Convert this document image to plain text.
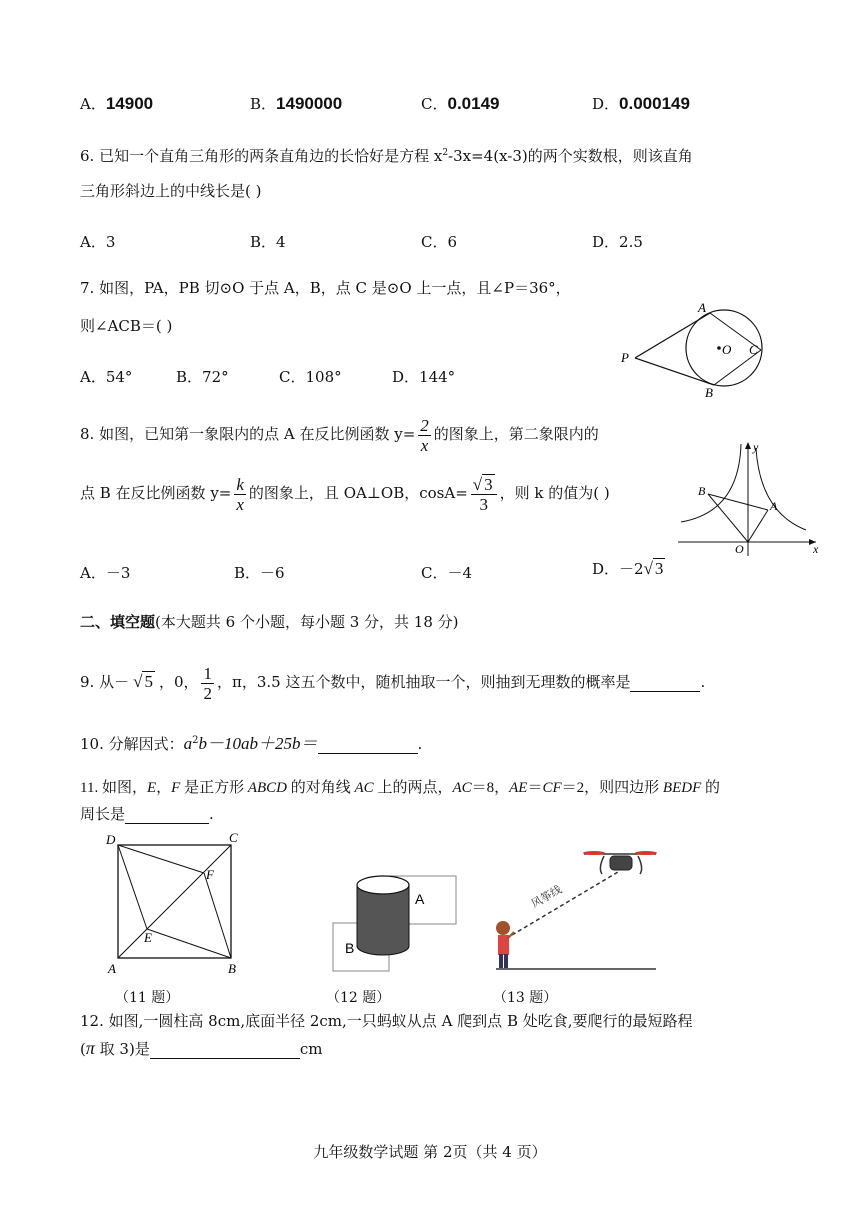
A．14900	B．1490000	C．0.0149	D．0.000149
6. 已知一个直角三角形的两条直角边的长恰好是方程 $x^2-3x=4(x-3)$的两个实数根，则该直角
三角形斜边上的中线长是( )
A．3	B．4	C．6	D．2.5
7. 如图，PA，PB 切⊙O 于点 A，B，点 C 是⊙O 上一点，且∠P＝36°，
则∠ACB＝( )
A．54°	B．72°	C．108°	D．144°
A
B
C
O
P
8. 如图，已知第一象限内的点 A 在反比例函数 $y= \frac{2}{x}$ 的图象上，第二象限内的
点 B 在反比例函数 $y= \frac{k}{x}$ 的图象上，且 OA⊥OB，$\cos A= \frac{√ 3}{3}$ ，则 k 的值为( )
A．－3	B．－6	C．－4	D．－2√ 3
A
B
O	x
y
二、填空题(本大题共 6 个小题，每小题 3 分，共 18 分)
9. 从－ √ 5 ，0， $\frac{1}{2}$ ，π，3.5 这五个数中，随机抽取一个，则抽到无理数的概率是	.
10. 分解因式：$a^2b-10ab+25b=$	.
11. 如图，E，F 是正方形 ABCD 的对角线 AC 上的两点，AC＝8，AE＝CF＝2，则四边形 BEDF 的
周长是	.
A	B
C
D
E
F
A
B
风筝线
（11 题）	（12 题）	（13 题）
12. 如图,一圆柱高 8cm,底面半径 2cm,一只蚂蚁从点 A 爬到点 B 处吃食,要爬行的最短路程
(π 取 3)是	cm
九年级数学试题 第 2页（共 4 页）
